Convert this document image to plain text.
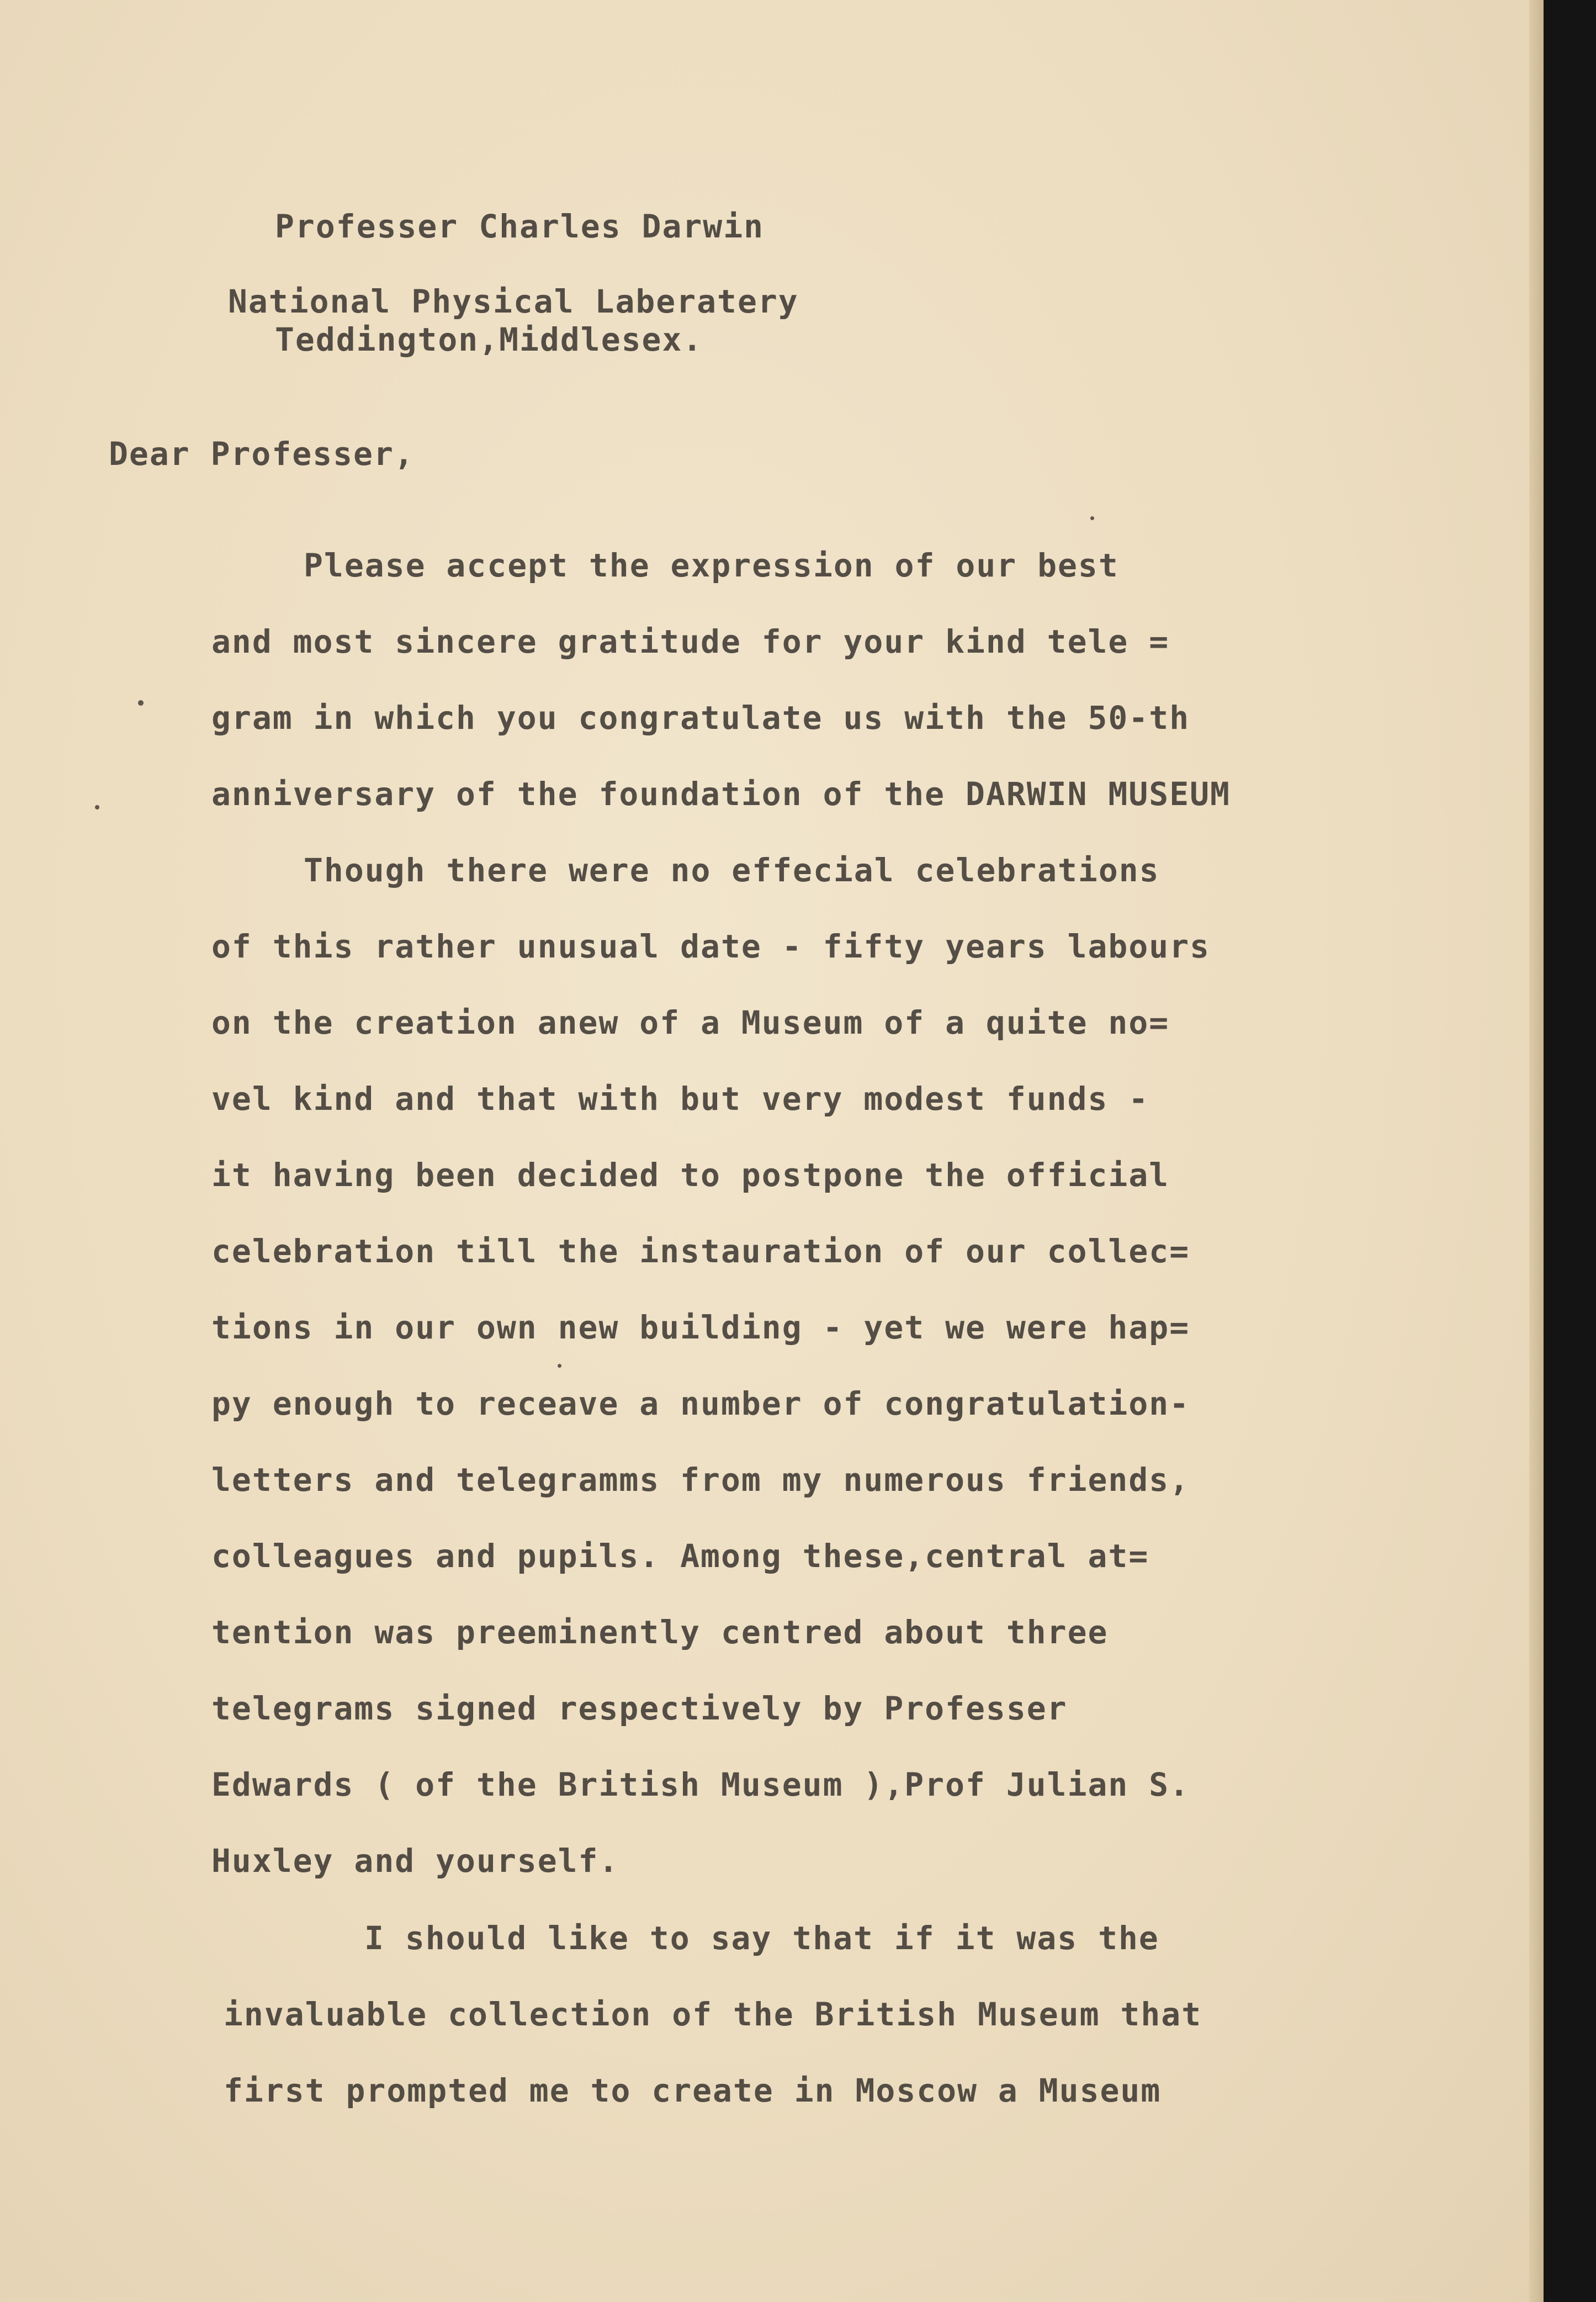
Professer Charles Darwin
National Physical Laberatery
Teddington,Middlesex.
Dear Professer,
Please accept the expression of our best
and most sincere gratitude for your kind tele =
gram in which you congratulate us with the 50-th
anniversary of the foundation of the DARWIN MUSEUM
Though there were no effecial celebrations
of this rather unusual date - fifty years labours
on the creation anew of a Museum of a quite no=
vel kind and that with but very modest funds -
it having been decided to postpone the official
celebration till the instauration of our collec=
tions in our own new building - yet we were hap=
py enough to receave a number of congratulation-
letters and telegramms from my numerous friends,
colleagues and pupils. Among these,central at=
tention was preeminently centred about three
telegrams signed respectively by Professer
Edwards ( of the British Museum ),Prof Julian S.
Huxley and yourself.
I should like to say that if it was the
invaluable collection of the British Museum that
first prompted me to create in Moscow a Museum
